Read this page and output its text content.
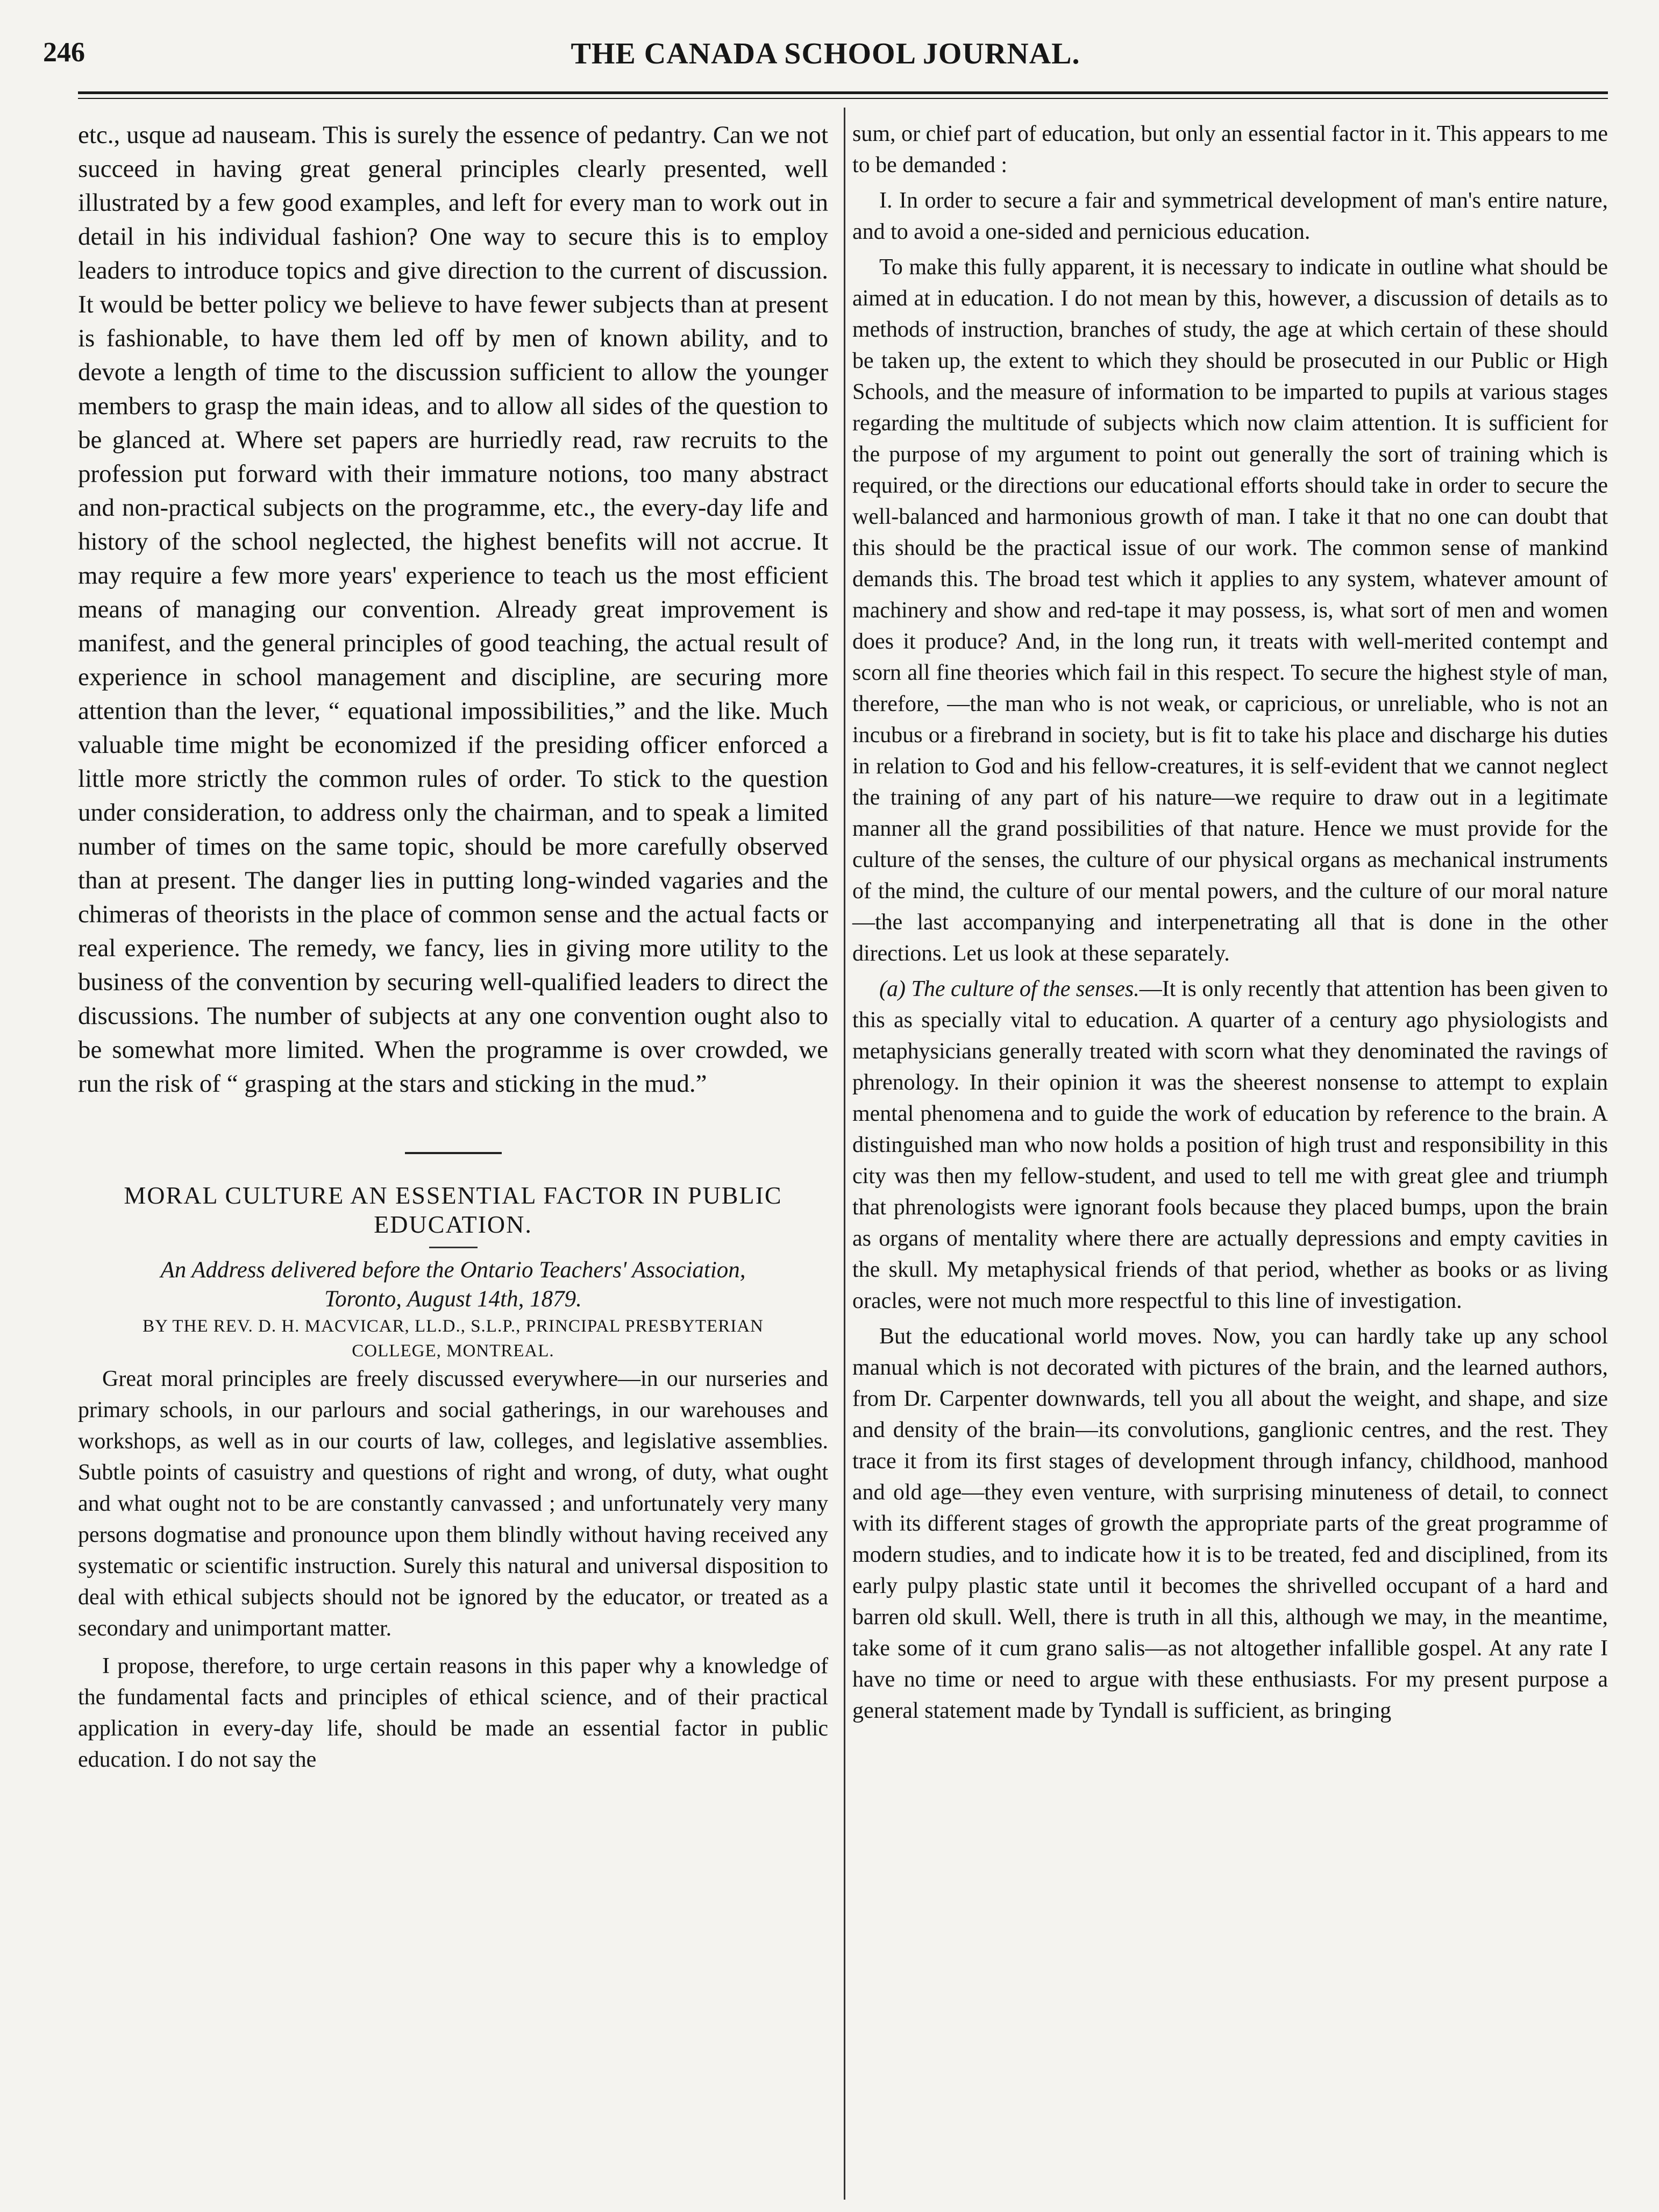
246	THE CANADA SCHOOL JOURNAL.

etc., usque ad nauseam. This is surely the essence of pedantry. Can we not succeed in having great general principles clearly presented, well illustrated by a few good examples, and left for every man to work out in detail in his individual fashion? One way to secure this is to employ leaders to introduce topics and give direction to the current of discussion. It would be better policy we believe to have fewer subjects than at present is fashionable, to have them led off by men of known ability, and to devote a length of time to the discussion sufficient to allow the younger members to grasp the main ideas, and to allow all sides of the question to be glanced at. Where set papers are hurriedly read, raw recruits to the profession put forward with their immature notions, too many abstract and non-practical subjects on the programme, etc., the every-day life and history of the school neglected, the highest benefits will not accrue. It may require a few more years' experience to teach us the most efficient means of managing our convention. Already great improvement is manifest, and the general principles of good teaching, the actual result of experience in school management and discipline, are securing more attention than the lever, “ equational impossibilities,” and the like. Much valuable time might be economized if the presiding officer enforced a little more strictly the common rules of order. To stick to the question under consideration, to address only the chairman, and to speak a limited number of times on the same topic, should be more carefully observed than at present. The danger lies in putting long-winded vagaries and the chimeras of theorists in the place of common sense and the actual facts or real experience. The remedy, we fancy, lies in giving more utility to the business of the convention by securing well-qualified leaders to direct the discussions. The number of subjects at any one convention ought also to be somewhat more limited. When the programme is over crowded, we run the risk of “ grasping at the stars and sticking in the mud.”

MORAL CULTURE AN ESSENTIAL FACTOR IN PUBLIC EDUCATION.

An Address delivered before the Ontario Teachers' Association,
Toronto, August 14th, 1879.

BY THE REV. D. H. MACVICAR, LL.D., S.L.P., PRINCIPAL PRESBYTERIAN
COLLEGE, MONTREAL.

Great moral principles are freely discussed everywhere—in our nurseries and primary schools, in our parlours and social gatherings, in our warehouses and workshops, as well as in our courts of law, colleges, and legislative assemblies. Subtle points of casuistry and questions of right and wrong, of duty, what ought and what ought not to be are constantly canvassed ; and unfortunately very many persons dogmatise and pronounce upon them blindly without having received any systematic or scientific instruction. Surely this natural and universal disposition to deal with ethical subjects should not be ignored by the educator, or treated as a secondary and unimportant matter.

I propose, therefore, to urge certain reasons in this paper why a knowledge of the fundamental facts and principles of ethical science, and of their practical application in every-day life, should be made an essential factor in public education. I do not say the

sum, or chief part of education, but only an essential factor in it. This appears to me to be demanded :

I. In order to secure a fair and symmetrical development of man's entire nature, and to avoid a one-sided and pernicious education.

To make this fully apparent, it is necessary to indicate in outline what should be aimed at in education. I do not mean by this, however, a discussion of details as to methods of instruction, branches of study, the age at which certain of these should be taken up, the extent to which they should be prosecuted in our Public or High Schools, and the measure of information to be imparted to pupils at various stages regarding the multitude of subjects which now claim attention. It is sufficient for the purpose of my argument to point out generally the sort of training which is required, or the directions our educational efforts should take in order to secure the well-balanced and harmonious growth of man. I take it that no one can doubt that this should be the practical issue of our work. The common sense of mankind demands this. The broad test which it applies to any system, whatever amount of machinery and show and red-tape it may possess, is, what sort of men and women does it produce? And, in the long run, it treats with well-merited contempt and scorn all fine theories which fail in this respect. To secure the highest style of man, therefore, —the man who is not weak, or capricious, or unreliable, who is not an incubus or a firebrand in society, but is fit to take his place and discharge his duties in relation to God and his fellow-creatures, it is self-evident that we cannot neglect the training of any part of his nature—we require to draw out in a legitimate manner all the grand possibilities of that nature. Hence we must provide for the culture of the senses, the culture of our physical organs as mechanical instruments of the mind, the culture of our mental powers, and the culture of our moral nature—the last accompanying and interpenetrating all that is done in the other directions. Let us look at these separately.

(a) The culture of the senses.—It is only recently that attention has been given to this as specially vital to education. A quarter of a century ago physiologists and metaphysicians generally treated with scorn what they denominated the ravings of phrenology. In their opinion it was the sheerest nonsense to attempt to explain mental phenomena and to guide the work of education by reference to the brain. A distinguished man who now holds a position of high trust and responsibility in this city was then my fellow-student, and used to tell me with great glee and triumph that phrenologists were ignorant fools because they placed bumps, upon the brain as organs of mentality where there are actually depressions and empty cavities in the skull. My metaphysical friends of that period, whether as books or as living oracles, were not much more respectful to this line of investigation.

But the educational world moves. Now, you can hardly take up any school manual which is not decorated with pictures of the brain, and the learned authors, from Dr. Carpenter downwards, tell you all about the weight, and shape, and size and density of the brain—its convolutions, ganglionic centres, and the rest. They trace it from its first stages of development through infancy, childhood, manhood and old age—they even venture, with surprising minuteness of detail, to connect with its different stages of growth the appropriate parts of the great programme of modern studies, and to indicate how it is to be treated, fed and disciplined, from its early pulpy plastic state until it becomes the shrivelled occupant of a hard and barren old skull. Well, there is truth in all this, although we may, in the meantime, take some of it cum grano salis—as not altogether infallible gospel. At any rate I have no time or need to argue with these enthusiasts. For my present purpose a general statement made by Tyndall is sufficient, as bringing
